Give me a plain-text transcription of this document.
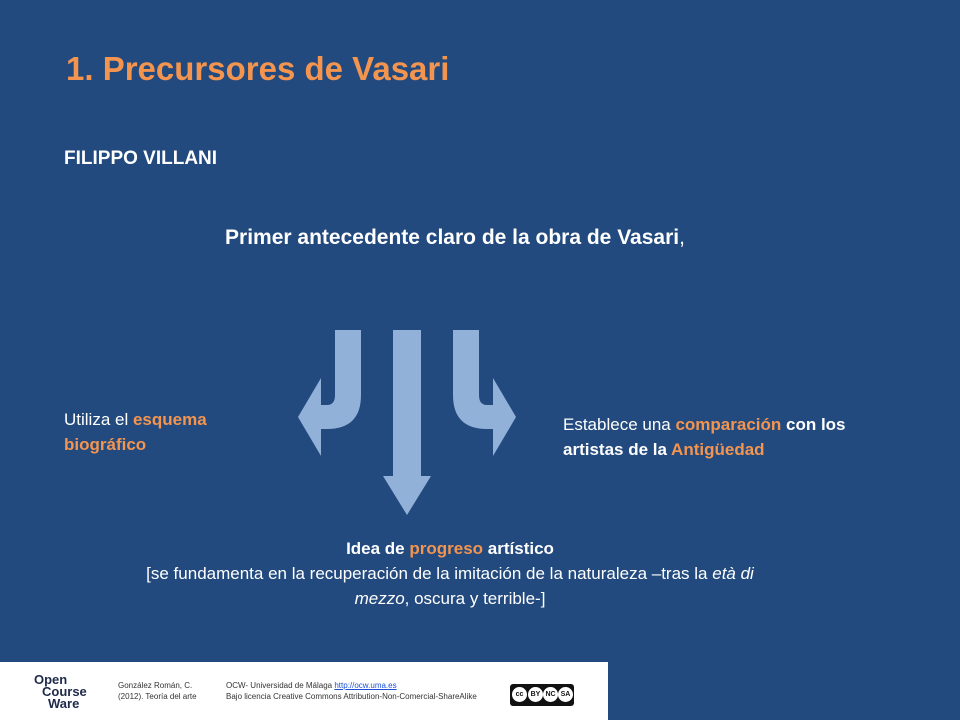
1. Precursores de Vasari
FILIPPO VILLANI
Primer antecedente claro de la obra de Vasari,
Utiliza el esquema
biográfico
Establece una comparación con los
artistas de la Antigüedad
Idea de progreso artístico
[se fundamenta en la recuperación de la imitación de la naturaleza –tras la età di
mezzo, oscura y terrible-]
Open
Course
Ware
González Román, C.
(2012). Teoría del arte
OCW- Universidad de Málaga http://ocw.uma.es
Bajo licencia Creative Commons Attribution-Non-Comercial-ShareAlike	cc	BY NC SA
